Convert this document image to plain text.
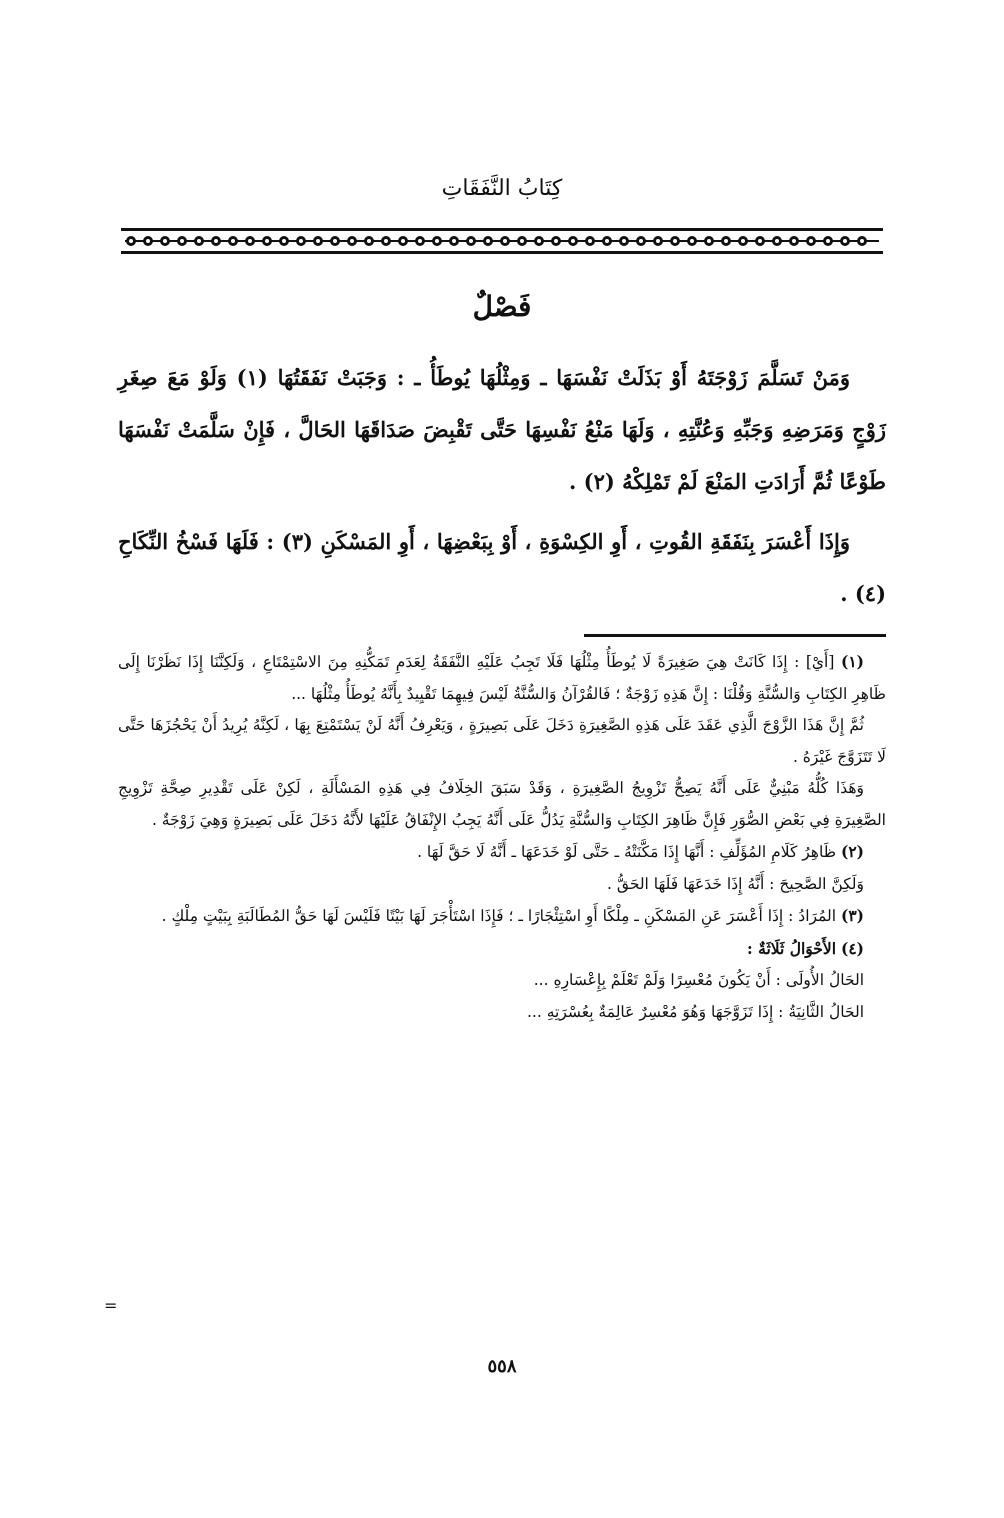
كِتَابُ النَّفَقَاتِ
فَصْلٌ

وَمَنْ تَسَلَّمَ زَوْجَتَهُ أَوْ بَذَلَتْ نَفْسَهَا ـ وَمِثْلُهَا يُوطَأُ ـ : وَجَبَتْ نَفَقَتُهَا (١) وَلَوْ مَعَ صِغَرِ زَوْجٍ وَمَرَضِهِ وَجَبِّهِ وَعُنَّتِهِ ، وَلَهَا مَنْعُ نَفْسِهَا حَتَّى تَقْبِضَ صَدَاقَهَا الحَالَّ ، فَإِنْ سَلَّمَتْ نَفْسَهَا طَوْعًا ثُمَّ أَرَادَتِ المَنْعَ لَمْ تَمْلِكْهُ (٢) .

وَإِذَا أَعْسَرَ بِنَفَقَةِ القُوتِ ، أَوِ الكِسْوَةِ ، أَوْ بِبَعْضِهَا ، أَوِ المَسْكَنِ (٣) : فَلَهَا فَسْخُ النِّكَاحِ (٤) .

(١) [أَيْ] : إِذَا كَانَتْ هِيَ صَغِيرَةً لَا يُوطَأُ مِثْلُهَا فَلَا تَجِبُ عَلَيْهِ النَّفَقَةُ لِعَدَمِ تَمَكُّنِهِ مِنَ الاسْتِمْتَاعِ ، وَلَكِنَّنَا إِذَا نَظَرْنَا إِلَى ظَاهِرِ الكِتَابِ وَالسُّنَّةِ وَقُلْنَا : إِنَّ هَذِهِ زَوْجَةٌ ؛ فَالقُرْآنُ وَالسُّنَّةُ لَيْسَ فِيهِمَا تَقْيِيدٌ بِأَنَّهُ يُوطَأُ مِثْلُهَا ...

ثُمَّ إِنَّ هَذَا الزَّوْجَ الَّذِي عَقَدَ عَلَى هَذِهِ الصَّغِيرَةِ دَخَلَ عَلَى بَصِيرَةٍ ، وَيَعْرِفُ أَنَّهُ لَنْ يَسْتَمْتِعَ بِهَا ، لَكِنَّهُ يُرِيدُ أَنْ يَحْجُزَهَا حَتَّى لَا تَتَزَوَّجَ غَيْرَهُ .

وَهَذَا كُلُّهُ مَبْنِيٌّ عَلَى أَنَّهُ يَصِحُّ تَزْوِيجُ الصَّغِيرَةِ ، وَقَدْ سَبَقَ الخِلَافُ فِي هَذِهِ المَسْأَلَةِ ، لَكِنْ عَلَى تَقْدِيرِ صِحَّةِ تَزْوِيجِ الصَّغِيرَةِ فِي بَعْضِ الصُّوَرِ فَإِنَّ ظَاهِرَ الكِتَابِ وَالسُّنَّةِ يَدُلُّ عَلَى أَنَّهُ يَجِبُ الإِنْفَاقُ عَلَيْهَا لأَنَّهُ دَخَلَ عَلَى بَصِيرَةٍ وَهِيَ زَوْجَةٌ .

(٢) ظَاهِرُ كَلَامِ المُؤَلِّفِ : أَنَّهَا إِذَا مَكَّنَتْهُ ـ حَتَّى لَوْ خَدَعَهَا ـ أَنَّهُ لَا حَقَّ لَهَا .

وَلَكِنَّ الصَّحِيحَ : أَنَّهُ إِذَا خَدَعَهَا فَلَهَا الحَقُّ .

(٣) المُرَادُ : إِذَا أَعْسَرَ عَنِ المَسْكَنِ ـ مِلْكًا أَوِ اسْتِئْجَارًا ـ ؛ فَإِذَا اسْتَأْجَرَ لَهَا بَيْتًا فَلَيْسَ لَهَا حَقُّ المُطَالَبَةِ بِبَيْتٍ مِلْكٍ .

(٤) الأَحْوَالُ ثَلَاثَةٌ :

الحَالُ الأُولَى : أَنْ يَكُونَ مُعْسِرًا وَلَمْ تَعْلَمْ بِإِعْسَارِهِ ...

الحَالُ الثَّانِيَةُ : إِذَا تَزَوَّجَهَا وَهُوَ مُعْسِرٌ عَالِمَةٌ بِعُسْرَتِهِ ...

=
٥٥٨
